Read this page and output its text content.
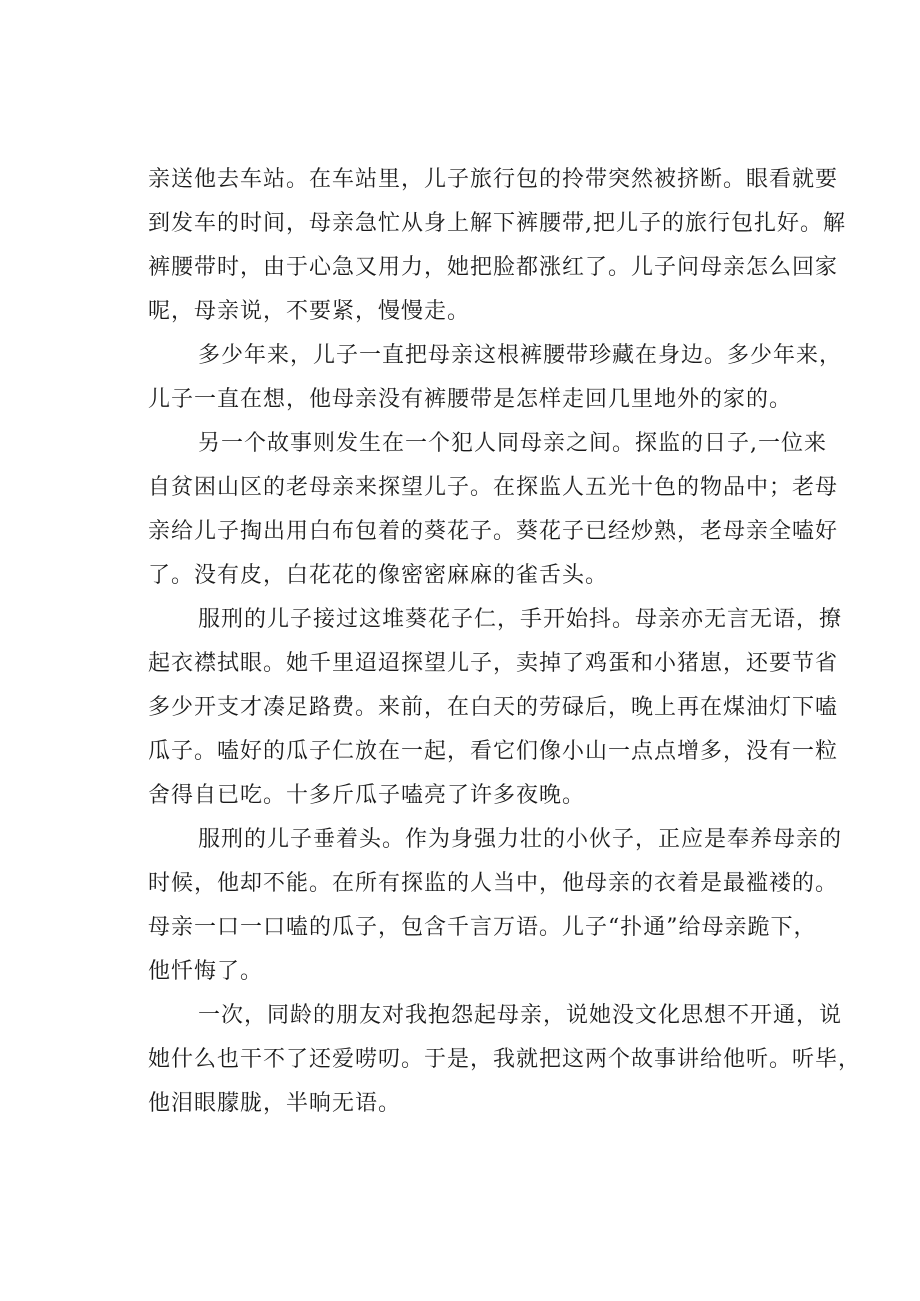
亲送他去车站。在车站里，儿子旅行包的拎带突然被挤断。眼看就要
到发车的时间，母亲急忙从身上解下裤腰带,把儿子的旅行包扎好。解
裤腰带时，由于心急又用力，她把脸都涨红了。儿子问母亲怎么回家
呢，母亲说，不要紧，慢慢走。
多少年来，儿子一直把母亲这根裤腰带珍藏在身边。多少年来，
儿子一直在想，他母亲没有裤腰带是怎样走回几里地外的家的。
另一个故事则发生在一个犯人同母亲之间。探监的日子,一位来
自贫困山区的老母亲来探望儿子。在探监人五光十色的物品中；老母
亲给儿子掏出用白布包着的葵花子。葵花子已经炒熟，老母亲全嗑好
了。没有皮，白花花的像密密麻麻的雀舌头。
服刑的儿子接过这堆葵花子仁，手开始抖。母亲亦无言无语，撩
起衣襟拭眼。她千里迢迢探望儿子，卖掉了鸡蛋和小猪崽，还要节省
多少开支才凑足路费。来前，在白天的劳碌后，晚上再在煤油灯下嗑
瓜子。嗑好的瓜子仁放在一起，看它们像小山一点点增多，没有一粒
舍得自已吃。十多斤瓜子嗑亮了许多夜晚。
服刑的儿子垂着头。作为身强力壮的小伙子，正应是奉养母亲的
时候，他却不能。在所有探监的人当中，他母亲的衣着是最褴褛的。
母亲一口一口嗑的瓜子，包含千言万语。儿子“扑通”给母亲跪下，
他忏悔了。
一次，同龄的朋友对我抱怨起母亲，说她没文化思想不开通，说
她什么也干不了还爱唠叨。于是，我就把这两个故事讲给他听。听毕，
他泪眼朦胧，半晌无语。
